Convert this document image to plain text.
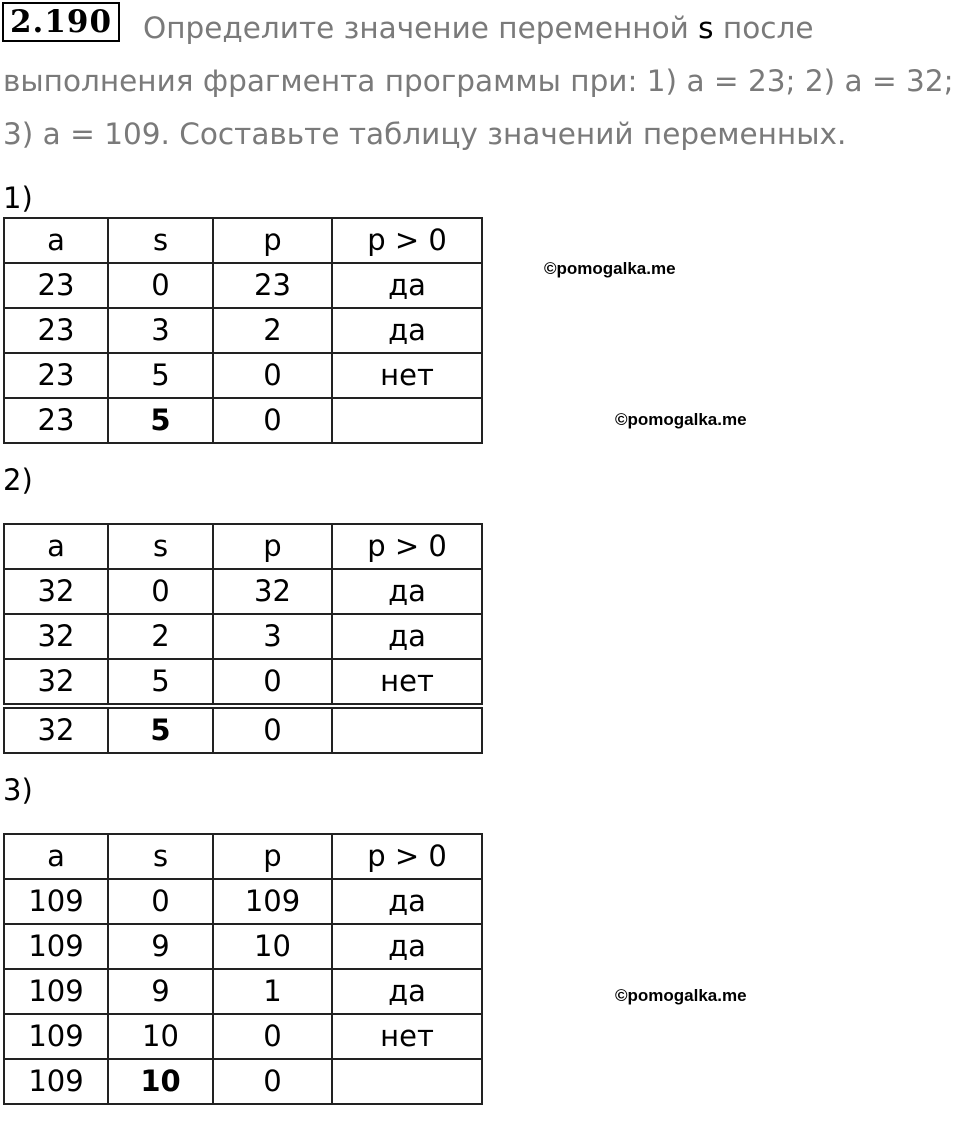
2.190	Определите значение переменной s после выполнения фрагмента программы при: 1) a = 23; 2) a = 32; 3) a = 109. Составьте таблицу значений переменных.
1)
a	s	p	p > 0
23	0	23	да
23	3	2	да
23	5	0	нет
23	5	0	
2)
a	s	p	p > 0
32	0	32	да
32	2	3	да
32	5	0	нет
32	5	0	
3)
a	s	p	p > 0
109	0	109	да
109	9	10	да
109	9	1	да
109	10	0	нет
109	10	0	
©pomogalka.me
©pomogalka.me
©pomogalka.me
